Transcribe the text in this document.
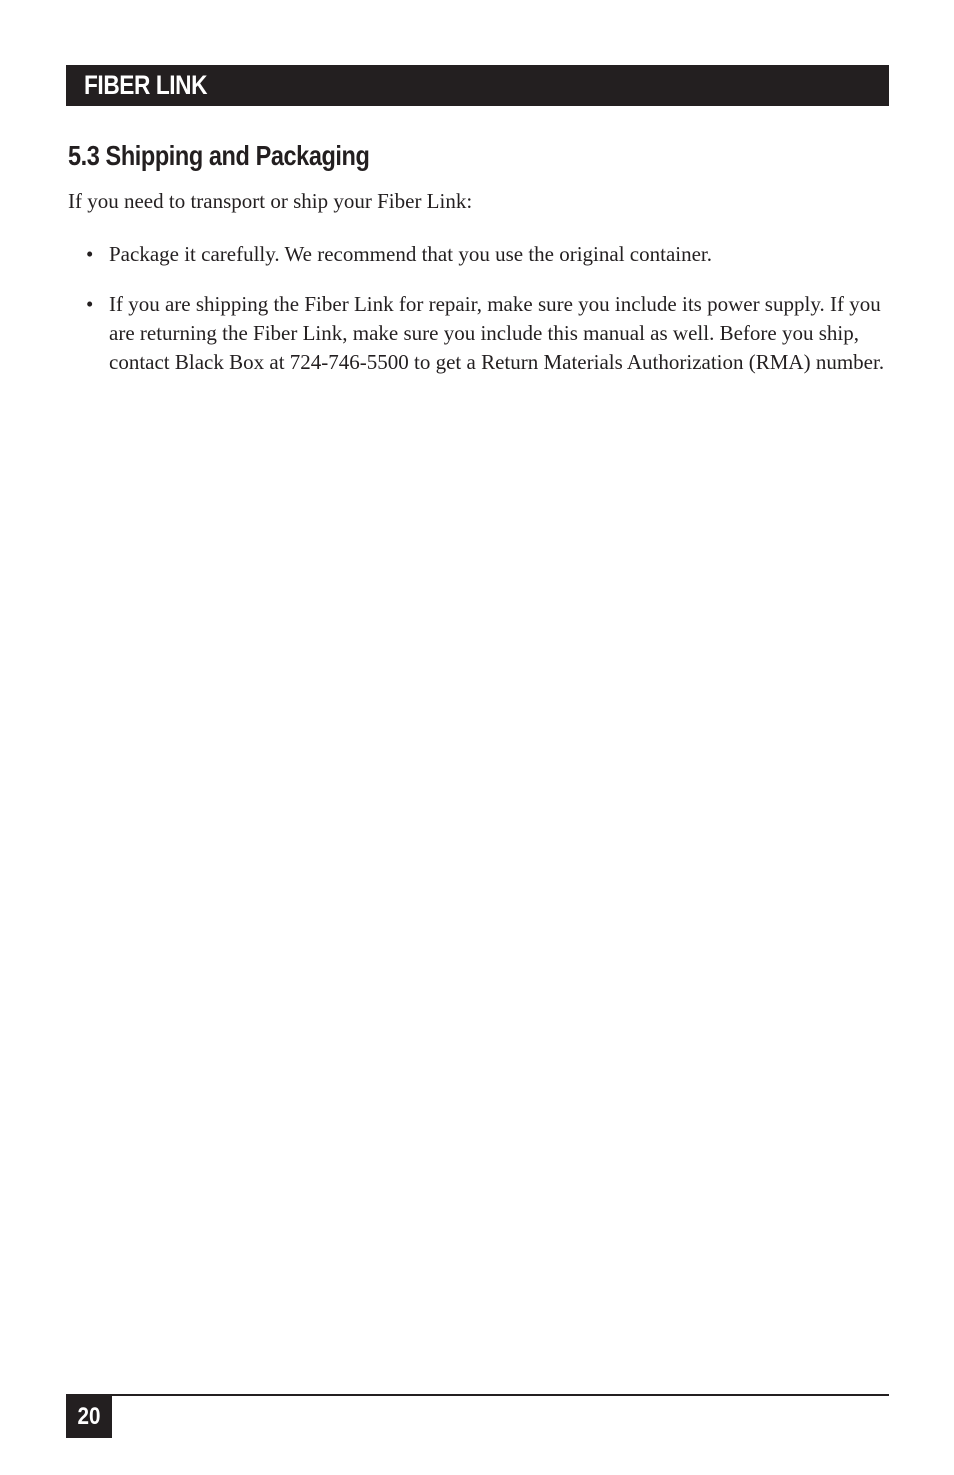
FIBER LINK
5.3 Shipping and Packaging

If you need to transport or ship your Fiber Link:

• Package it carefully. We recommend that you use the original container.
• If you are shipping the Fiber Link for repair, make sure you include its power supply. If you are returning the Fiber Link, make sure you include this manual as well. Before you ship, contact Black Box at 724-746-5500 to get a Return Materials Authorization (RMA) number.
20
